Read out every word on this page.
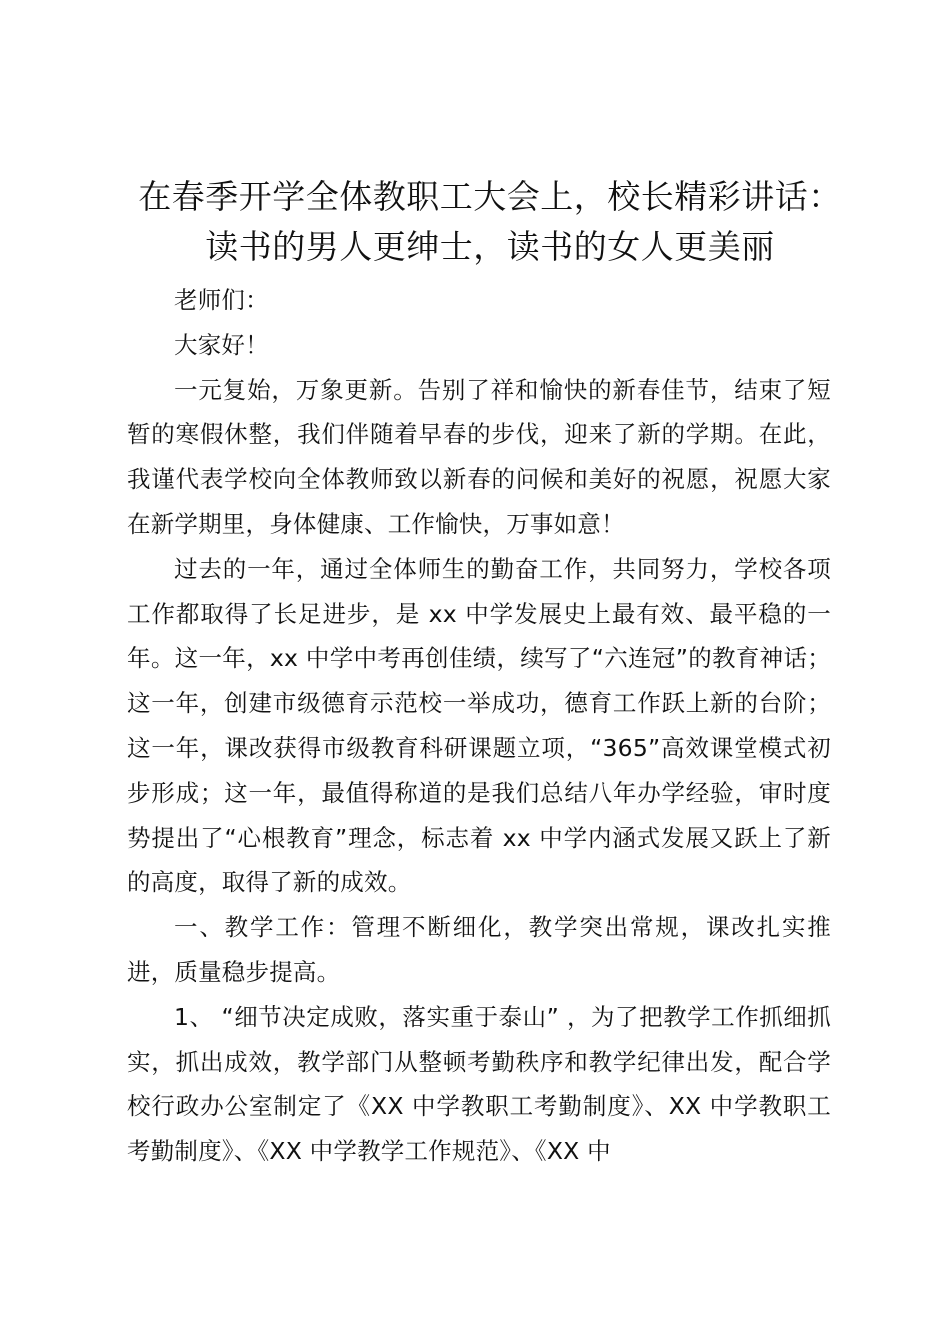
在春季开学全体教职工大会上，校长精彩讲话：
读书的男人更绅士，读书的女人更美丽

老师们：

大家好！

一元复始，万象更新。告别了祥和愉快的新春佳节，结束了短暂的寒假休整，我们伴随着早春的步伐，迎来了新的学期。在此，我谨代表学校向全体教师致以新春的问候和美好的祝愿，祝愿大家在新学期里，身体健康、工作愉快，万事如意！

过去的一年，通过全体师生的勤奋工作，共同努力，学校各项工作都取得了长足进步，是 xx 中学发展史上最有效、最平稳的一年。这一年，xx 中学中考再创佳绩，续写了“六连冠”的教育神话；这一年，创建市级德育示范校一举成功，德育工作跃上新的台阶；这一年，课改获得市级教育科研课题立项，“365”高效课堂模式初步形成；这一年，最值得称道的是我们总结八年办学经验，审时度势提出了“心根教育”理念，标志着 xx 中学内涵式发展又跃上了新的高度，取得了新的成效。

一、教学工作：管理不断细化，教学突出常规，课改扎实推进，质量稳步提高。

1、 “细节决定成败，落实重于泰山” ，为了把教学工作抓细抓实，抓出成效，教学部门从整顿考勤秩序和教学纪律出发，配合学校行政办公室制定了《XX 中学教职工考勤制度》、XX 中学教职工考勤制度》、《XX 中学教学工作规范》、《XX 中
